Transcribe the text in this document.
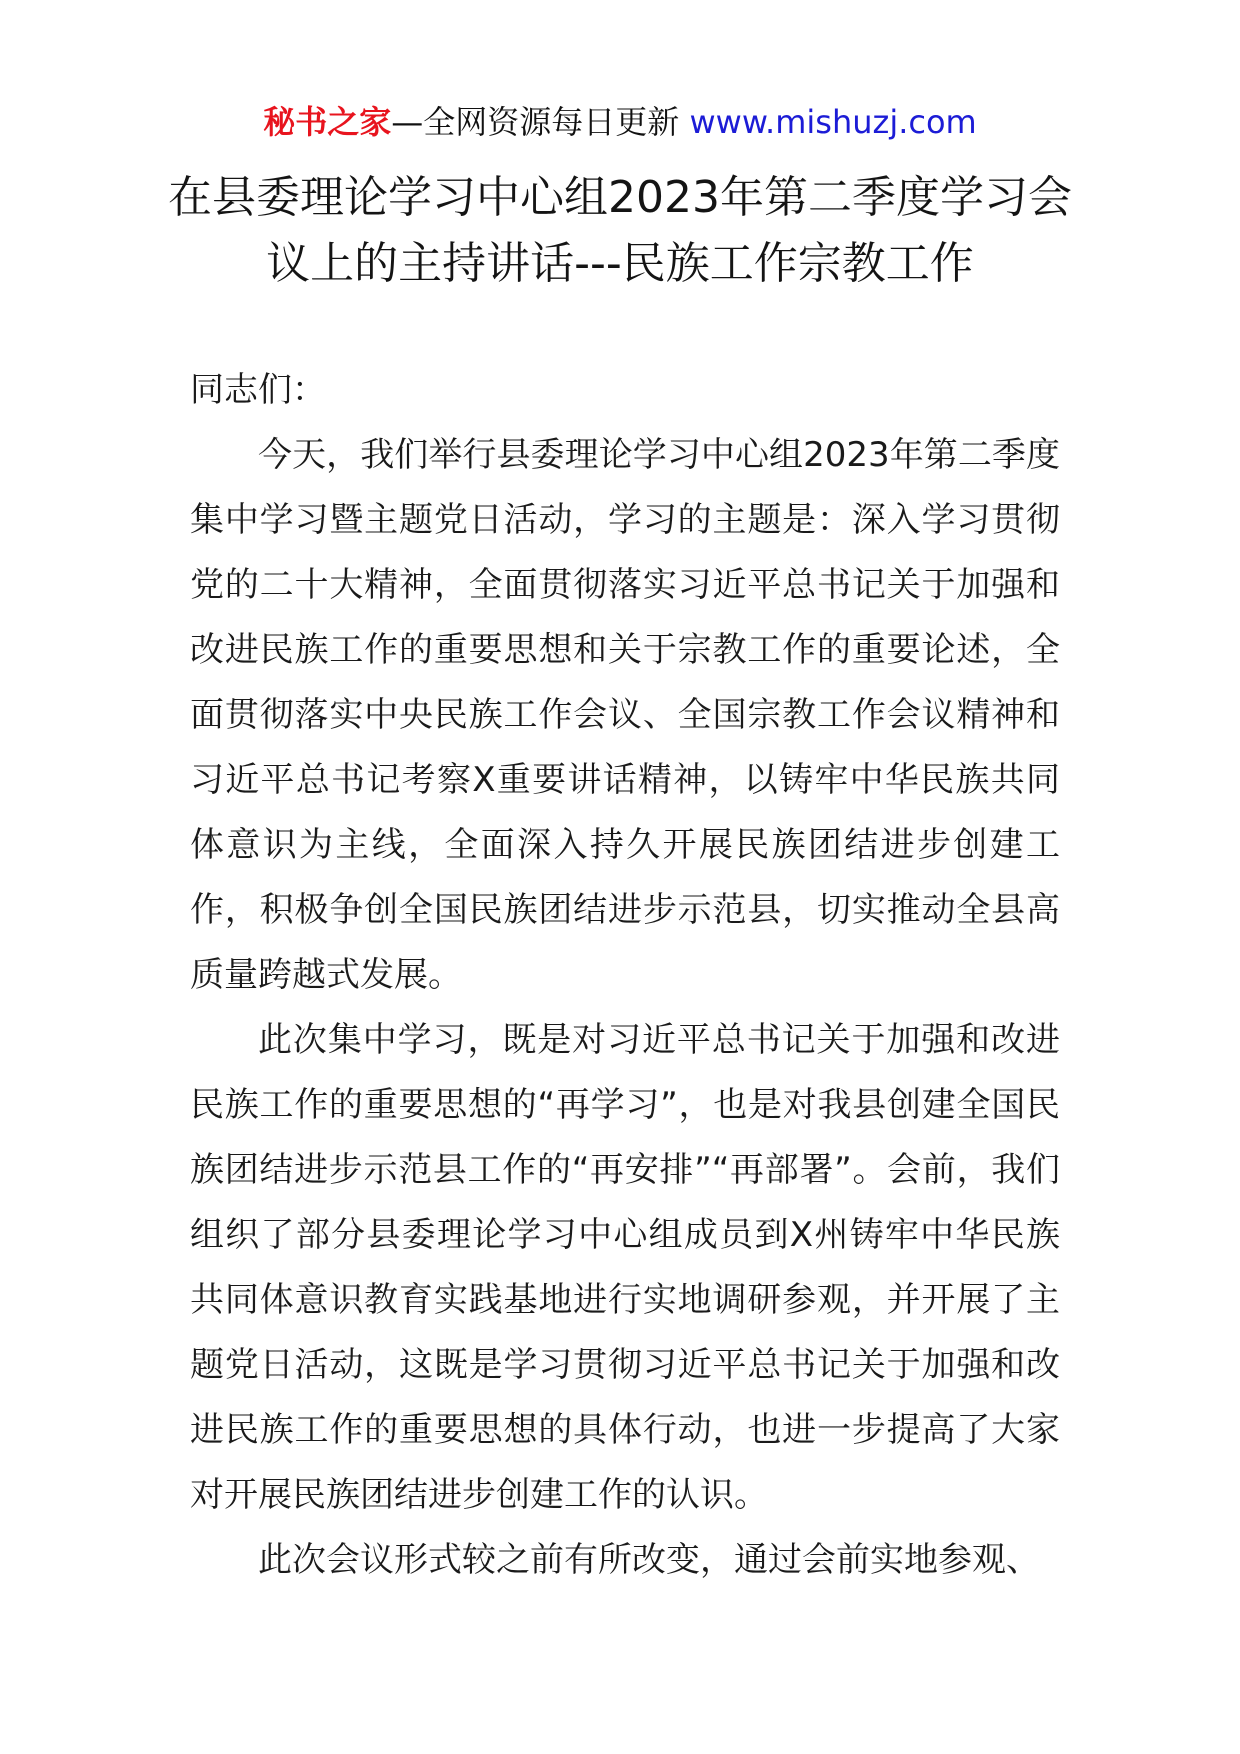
秘书之家—全网资源每日更新 www.mishuzj.com
在县委理论学习中心组2023年第二季度学习会议上的主持讲话---民族工作宗教工作

同志们：

今天，我们举行县委理论学习中心组2023年第二季度集中学习暨主题党日活动，学习的主题是：深入学习贯彻党的二十大精神，全面贯彻落实习近平总书记关于加强和改进民族工作的重要思想和关于宗教工作的重要论述，全面贯彻落实中央民族工作会议、全国宗教工作会议精神和习近平总书记考察X重要讲话精神，以铸牢中华民族共同体意识为主线，全面深入持久开展民族团结进步创建工作，积极争创全国民族团结进步示范县，切实推动全县高质量跨越式发展。

此次集中学习，既是对习近平总书记关于加强和改进民族工作的重要思想的“再学习”，也是对我县创建全国民族团结进步示范县工作的“再安排”“再部署”。会前，我们组织了部分县委理论学习中心组成员到X州铸牢中华民族共同体意识教育实践基地进行实地调研参观，并开展了主题党日活动，这既是学习贯彻习近平总书记关于加强和改进民族工作的重要思想的具体行动，也进一步提高了大家对开展民族团结进步创建工作的认识。

此次会议形式较之前有所改变，通过会前实地参观、
